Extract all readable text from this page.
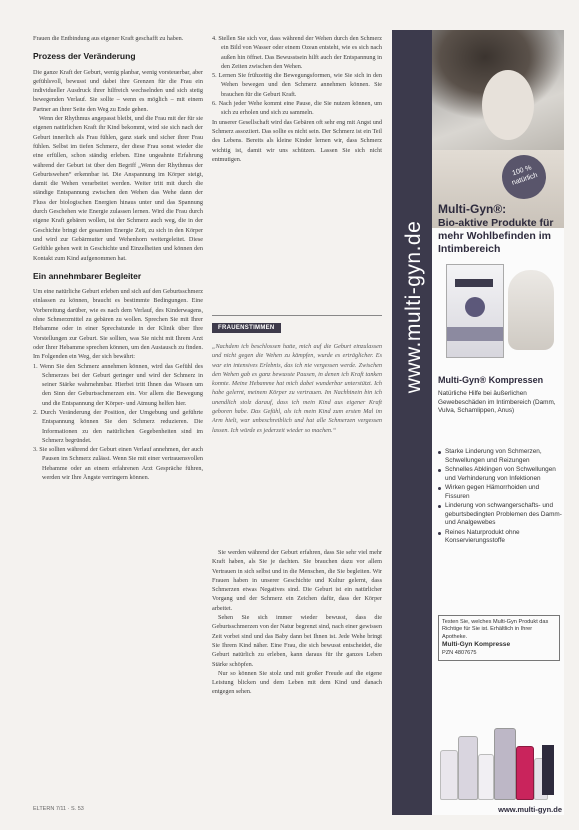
Frauen die Entbindung aus eigener Kraft geschafft zu haben.

Prozess der Veränderung

Die ganze Kraft der Geburt, wenig planbar, wenig vorsteuerbar, aber gefühlsvoll, bewusst und dabei ihre Grenzen für die Frau ein individueller Ausdruck ihrer hilfreich wechselnden und sich stetig bewegenden Verlauf. Sie sollte – wenn es möglich – mit einem Partner an ihrer Seite den Weg zu Ende gehen.

Wenn der Rhythmus angepasst bleibt, und die Frau mit der für sie eigenen natürlichen Kraft ihr Kind bekommt, wird sie sich nach der Geburt innerlich als Frau fühlen, ganz stark und sicher ihrer Frau fühlen. Selbst im tiefen Schmerz, der diese Frau sonst wieder die eine erfüllen, schon ständig erleben. Eine ungeahnte Erfahrung während der Geburt ist über den Begriff „Wenn der Rhythmus der Geburtswehen“ erkennbar ist. Die Anspannung im Körper steigt, damit die Wehen verarbeitet werden. Weiter tritt mit durch die ständige Entspannung zwischen den Wehen das Wehe dann der Fluss der biologischen Energien hinaus unter und das Spannung durch Geschehen wie Energie zulassen lernen. Wird die Frau durch eigene Kraft gebären wollen, ist der Schmerz auch weg, die in der Geschichte bringt der gesamten Energie Zeit, zu sich in den Körper und wird zur Gebärmutter und Wehenhorn weitergeleitet. Diese Gefühle gehen weit in Geschichte und Einzelheiten und können den Kontakt zum Kind aufgenommen hat.

Ein annehmbarer Begleiter

Um eine natürliche Geburt erleben und sich auf den Geburtsschmerz einlassen zu können, braucht es bestimmte Bedingungen. Eine Vorbereitung darüber, wie es nach dem Verlauf, des Kinderwagens, ohne Schmerzmittel zu gebären zu wollen. Sprechen Sie mit Ihrer Hebamme oder in einer Sprechstunde in der Klinik über Ihre Vorstellungen zur Geburt. Sie sollten, was Sie nicht mit Ihrem Arzt oder Ihrer Hebamme sprechen können, um den Austausch zu finden. Im Folgenden ein Weg, der sich bewährt:

1. Wenn Sie den Schmerz annehmen können, wird das Gefühl des Schmerzes bei der Geburt geringer und wird der Schmerz in seiner Stärke wahrnehmbar. Hierbei tritt Ihnen das Wissen um den Sinn der Geburtsschmerzen ein. Vor allem die Bewegung und die Entspannung der Körper- und Atmung helfen hier.
2. Durch Veränderung der Position, der Umgebung und geführte Entspannung können Sie den Schmerz reduzieren. Die Informationen zu den natürlichen Gegebenheiten sind im Schmerz begründet.
3. Sie sollten während der Geburt einen Verlauf annehmen, der auch Pausen im Schmerz zulässt. Wenn Sie mit einer vertrauensvollen Hebamme oder an einem erfahrenen Arzt Gespräche führen, werden wir Ihre Ängste verringern können.
4. Stellen Sie sich vor, dass während der Wehen durch den Schmerz ein Bild von Wasser oder einem Ozean entsteht, wie es sich nach außen hin öffnet. Das Bewusstsein hilft auch der Entspannung in den Zeiten zwischen den Wehen.
5. Lernen Sie frühzeitig die Bewegungsformen, wie Sie sich in den Wehen bewegen und den Schmerz annehmen können. Sie brauchen für die Geburt Kraft.
6. Nach jeder Wehe kommt eine Pause, die Sie nutzen können, um sich zu erholen und sich zu sammeln.

In unserer Gesellschaft wird das Gebären oft sehr eng mit Angst und Schmerz assoziiert. Das sollte es nicht sein. Der Schmerz ist ein Teil des Lebens. Bereits als kleine Kinder lernen wir, dass Schmerz wichtig ist, damit wir uns schützen. Lassen Sie sich nicht entmutigen.

FRAUENSTIMMEN
„Nachdem ich beschlossen hatte, mich auf die Geburt einzulassen und nicht gegen die Wehen zu kämpfen, wurde es erträglicher. Es war ein intensives Erlebnis, das ich nie vergessen werde. Zwischen den Wehen gab es ganz bewusste Pausen, in denen ich Kraft tanken konnte. Meine Hebamme hat mich dabei wunderbar unterstützt. Ich habe gelernt, meinem Körper zu vertrauen. Im Nachhinein bin ich unendlich stolz darauf, dass ich mein Kind aus eigener Kraft geboren habe. Das Gefühl, als ich mein Kind zum ersten Mal im Arm hielt, war unbeschreiblich und hat alle Schmerzen vergessen lassen. Ich würde es jederzeit wieder so machen.“

Sie werden während der Geburt erfahren, dass Sie sehr viel mehr Kraft haben, als Sie je dachten. Sie brauchen dazu vor allem Vertrauen in sich selbst und in die Menschen, die Sie begleiten. Wir Frauen haben in unserer Geschichte und Kultur gelernt, dass Schmerzen etwas Negatives sind. Die Geburt ist ein natürlicher Vorgang und der Schmerz ein Zeichen dafür, dass der Körper arbeitet.

Sehen Sie sich immer wieder bewusst, dass die Geburtsschmerzen von der Natur begrenzt sind, nach einer gewissen Zeit vorbei sind und das Baby dann bei Ihnen ist. Jede Wehe bringt Sie Ihrem Kind näher. Eine Frau, die sich bewusst entscheidet, die Geburt natürlich zu erleben, kann daraus für ihr ganzes Leben Stärke schöpfen.

Nur so können Sie stolz und mit großer Freude auf die eigene Leistung blicken und dem Leben mit dem Kind und danach entgegen sehen.

ELTERN 7/11 · S. 53
www.multi-gyn.de
100 % natürlich
Multi-Gyn®:
Bio-aktive Produkte für mehr Wohlbefinden im Intimbereich
Multi-Gyn® Kompressen
Natürliche Hilfe bei äußerlichen Gewebeschäden im Intimbereich (Damm, Vulva, Schamlippen, Anus)
Starke Linderung von Schmerzen, Schwellungen und Reizungen
Schnelles Abklingen von Schwellungen und Verhinderung von Infektionen
Wirken gegen Hämorrhoiden und Fissuren
Linderung von schwangerschafts- und geburtsbedingten Problemen des Damm- und Analgewebes
Reines Naturprodukt ohne Konservierungsstoffe
Testen Sie, welches Multi-Gyn Produkt das Richtige für Sie ist. Erhältlich in Ihrer Apotheke.
Multi-Gyn Kompresse
PZN 4807675
www.multi-gyn.de
